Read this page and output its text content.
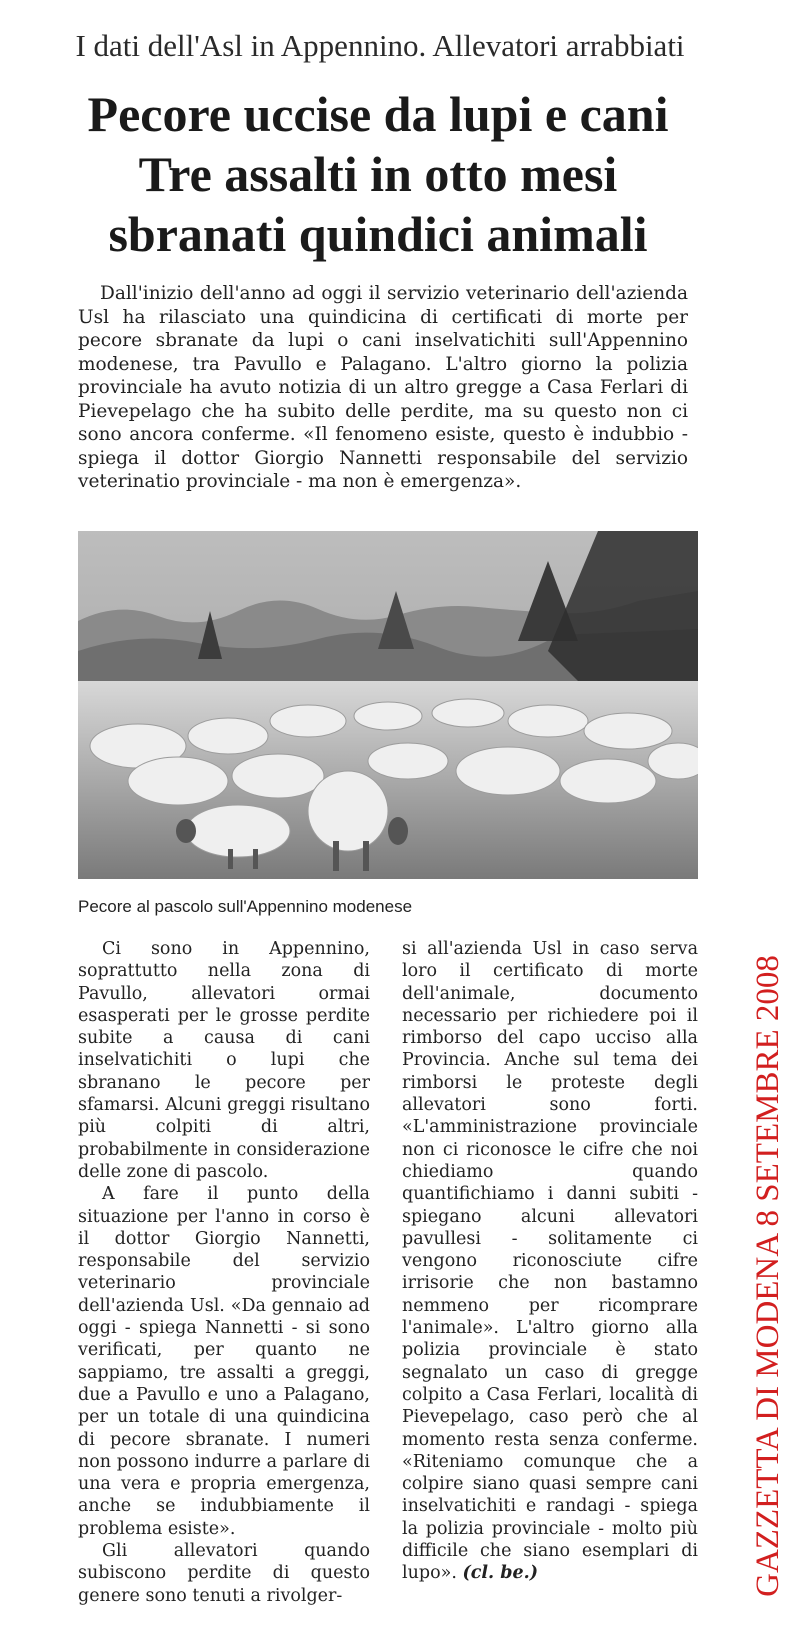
I dati dell'Asl in Appennino. Allevatori arrabbiati
Pecore uccise da lupi e cani
Tre assalti in otto mesi
sbranati quindici animali
Dall'inizio dell'anno ad oggi il servizio veterinario dell'azienda Usl ha rilasciato una quindicina di certificati di morte per pecore sbranate da lupi o cani inselvatichiti sull'Appennino modenese, tra Pavullo e Palagano. L'altro giorno la polizia provinciale ha avuto notizia di un altro gregge a Casa Ferlari di Pievepelago che ha subito delle perdite, ma su questo non ci sono ancora conferme. «Il fenomeno esiste, questo è indubbio - spiega il dottor Giorgio Nannetti responsabile del servizio veterinatio provinciale - ma non è emergenza».
Pecore al pascolo sull'Appennino modenese

Ci sono in Appennino, soprattutto nella zona di Pavullo, allevatori ormai esasperati per le grosse perdite subite a causa di cani inselvatichiti o lupi che sbranano le pecore per sfamarsi. Alcuni greggi risultano più colpiti di altri, probabilmente in considerazione delle zone di pascolo.

A fare il punto della situazione per l'anno in corso è il dottor Giorgio Nannetti, responsabile del servizio veterinario provinciale dell'azienda Usl. «Da gennaio ad oggi - spiega Nannetti - si sono verificati, per quanto ne sappiamo, tre assalti a greggi, due a Pavullo e uno a Palagano, per un totale di una quindicina di pecore sbranate. I numeri non possono indurre a parlare di una vera e propria emergenza, anche se indubbiamente il problema esiste».

Gli allevatori quando subiscono perdite di questo genere sono tenuti a rivolger-

si all'azienda Usl in caso serva loro il certificato di morte dell'animale, documento necessario per richiedere poi il rimborso del capo ucciso alla Provincia. Anche sul tema dei rimborsi le proteste degli allevatori sono forti. «L'amministrazione provinciale non ci riconosce le cifre che noi chiediamo quando quantifichiamo i danni subiti - spiegano alcuni allevatori pavullesi - solitamente ci vengono riconosciute cifre irrisorie che non bastamno nemmeno per ricomprare l'animale». L'altro giorno alla polizia provinciale è stato segnalato un caso di gregge colpito a Casa Ferlari, località di Pievepelago, caso però che al momento resta senza conferme. «Riteniamo comunque che a colpire siano quasi sempre cani inselvatichiti e randagi - spiega la polizia provinciale - molto più difficile che siano esemplari di lupo». (cl. be.)	GAZZETTA DI MODENA 8 SETEMBRE 2008
